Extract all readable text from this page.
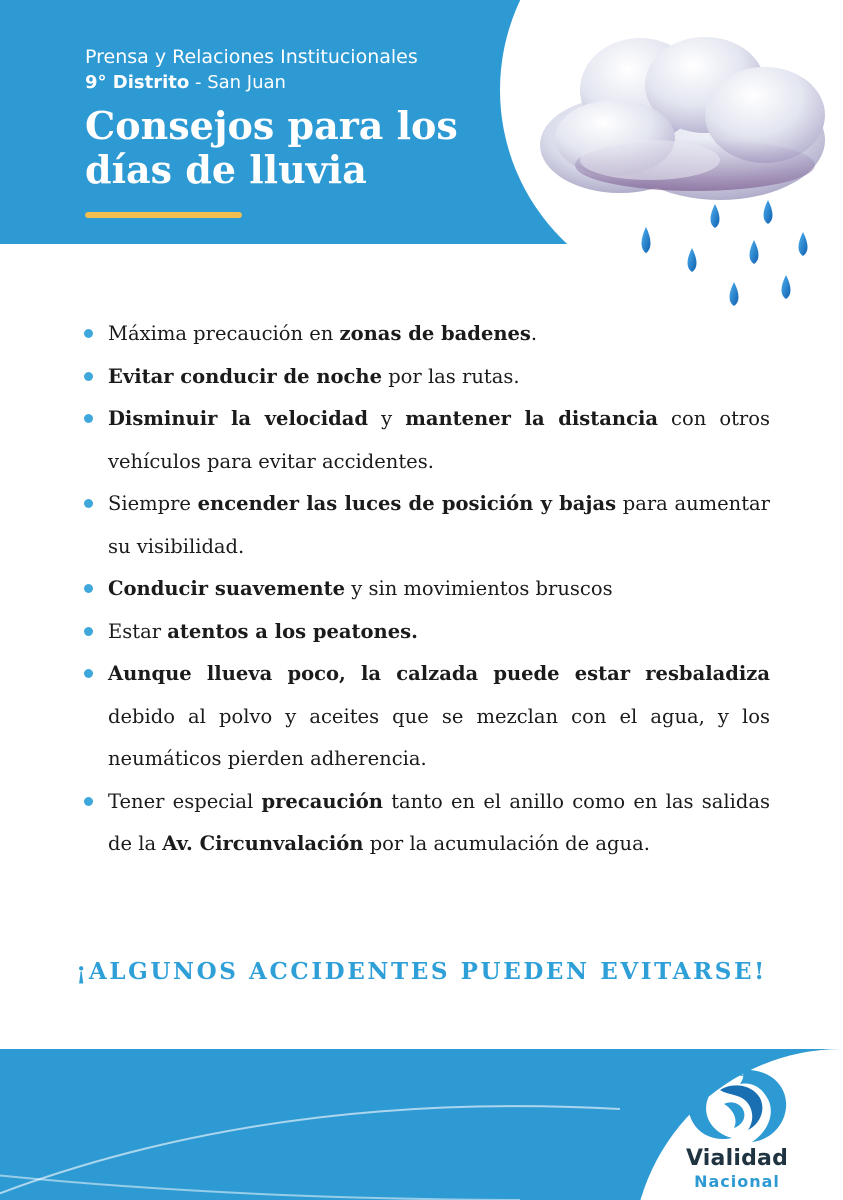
Prensa y Relaciones Institucionales
9° Distrito - San Juan
Consejos para los días de lluvia
Máxima precaución en zonas de badenes.
Evitar conducir de noche por las rutas.
Disminuir la velocidad y mantener la distancia con otros vehículos para evitar accidentes.
Siempre encender las luces de posición y bajas para aumentar su visibilidad.
Conducir suavemente y sin movimientos bruscos
Estar atentos a los peatones.
Aunque llueva poco, la calzada puede estar resbaladiza debido al polvo y aceites que se mezclan con el agua, y los neumáticos pierden adherencia.
Tener especial precaución tanto en el anillo como en las salidas de la Av. Circunvalación por la acumulación de agua.
¡ALGUNOS ACCIDENTES PUEDEN EVITARSE!
Vialidad
Nacional
